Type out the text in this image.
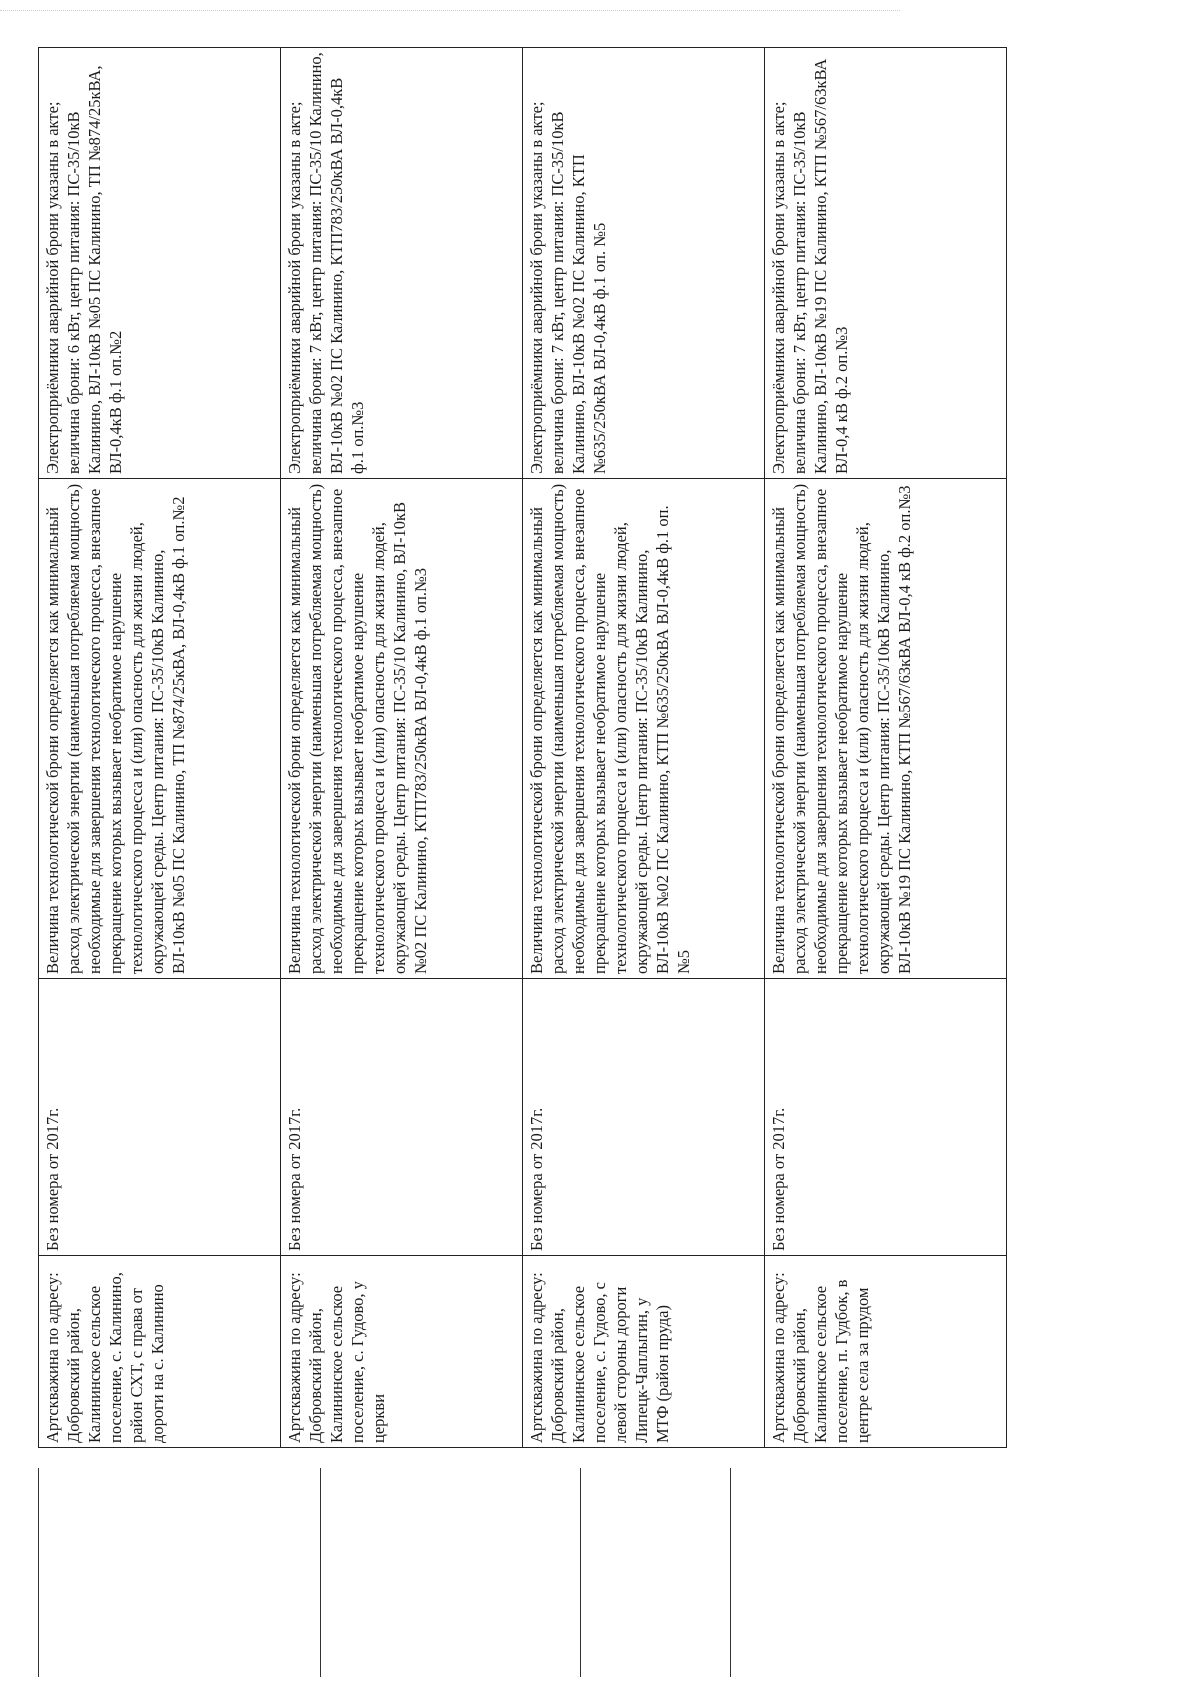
Артскважина по адресу: Добровский район, Калининское сельское поселение, с. Калинино, район СХТ, с права от дороги на с. Калинино	Без номера от 2017г.	Величина технологической брони определяется как минимальный расход электрической энергии (наименьшая потребляемая мощность) необходимые для завершения технологического процесса, внезапное прекращение которых вызывает необратимое нарушение технологического процесса и (или) опасность для жизни людей, окружающей среды. Центр питания: ПС-35/10кВ Калинино, ВЛ-10кВ №05 ПС Калинино, ТП №874/25кВА, ВЛ-0,4кВ ф.1 оп.№2	Электроприёмники аварийной брони указаны в акте; величина брони: 6 кВт, центр питания: ПС-35/10кВ Калинино, ВЛ-10кВ №05 ПС Калинино, ТП №874/25кВА, ВЛ-0,4кВ ф.1 оп.№2
Артскважина по адресу: Добровский район, Калининское сельское поселение, с. Гудово, у церкви	Без номера от 2017г.	Величина технологической брони определяется как минимальный расход электрической энергии (наименьшая потребляемая мощность) необходимые для завершения технологического процесса, внезапное прекращение которых вызывает необратимое нарушение технологического процесса и (или) опасность для жизни людей, окружающей среды. Центр питания: ПС-35/10 Калинино, ВЛ-10кВ №02 ПС Калинино, КТП783/250кВА ВЛ-0,4кВ ф.1 оп.№3	Электроприёмники аварийной брони указаны в акте; величина брони: 7 кВт, центр питания: ПС-35/10 Калинино, ВЛ-10кВ №02 ПС Калинино, КТП783/250кВА ВЛ-0,4кВ ф.1 оп.№3
Артскважина по адресу: Добровский район, Калининское сельское поселение, с. Гудово, с левой стороны дороги Липецк-Чаплыгин, у МТФ (район пруда)	Без номера от 2017г.	Величина технологической брони определяется как минимальный расход электрической энергии (наименьшая потребляемая мощность) необходимые для завершения технологического процесса, внезапное прекращение которых вызывает необратимое нарушение технологического процесса и (или) опасность для жизни людей, окружающей среды. Центр питания: ПС-35/10кВ Калинино, ВЛ-10кВ №02 ПС Калинино, КТП №635/250кВА ВЛ-0,4кВ ф.1 оп. №5	Электроприёмники аварийной брони указаны в акте; величина брони: 7 кВт, центр питания: ПС-35/10кВ Калинино, ВЛ-10кВ №02 ПС Калинино, КТП №635/250кВА ВЛ-0,4кВ ф.1 оп. №5
Артскважина по адресу: Добровский район, Калининское сельское поселение, п. Гудбок, в центре села за прудом	Без номера от 2017г.	Величина технологической брони определяется как минимальный расход электрической энергии (наименьшая потребляемая мощность) необходимые для завершения технологического процесса, внезапное прекращение которых вызывает необратимое нарушение технологического процесса и (или) опасность для жизни людей, окружающей среды. Центр питания: ПС-35/10кВ Калинино, ВЛ-10кВ №19 ПС Калинино, КТП №567/63кВА ВЛ-0,4 кВ ф.2 оп.№3	Электроприёмники аварийной брони указаны в акте; величина брони: 7 кВт, центр питания: ПС-35/10кВ Калинино, ВЛ-10кВ №19 ПС Калинино, КТП №567/63кВА ВЛ-0,4 кВ ф.2 оп.№3
